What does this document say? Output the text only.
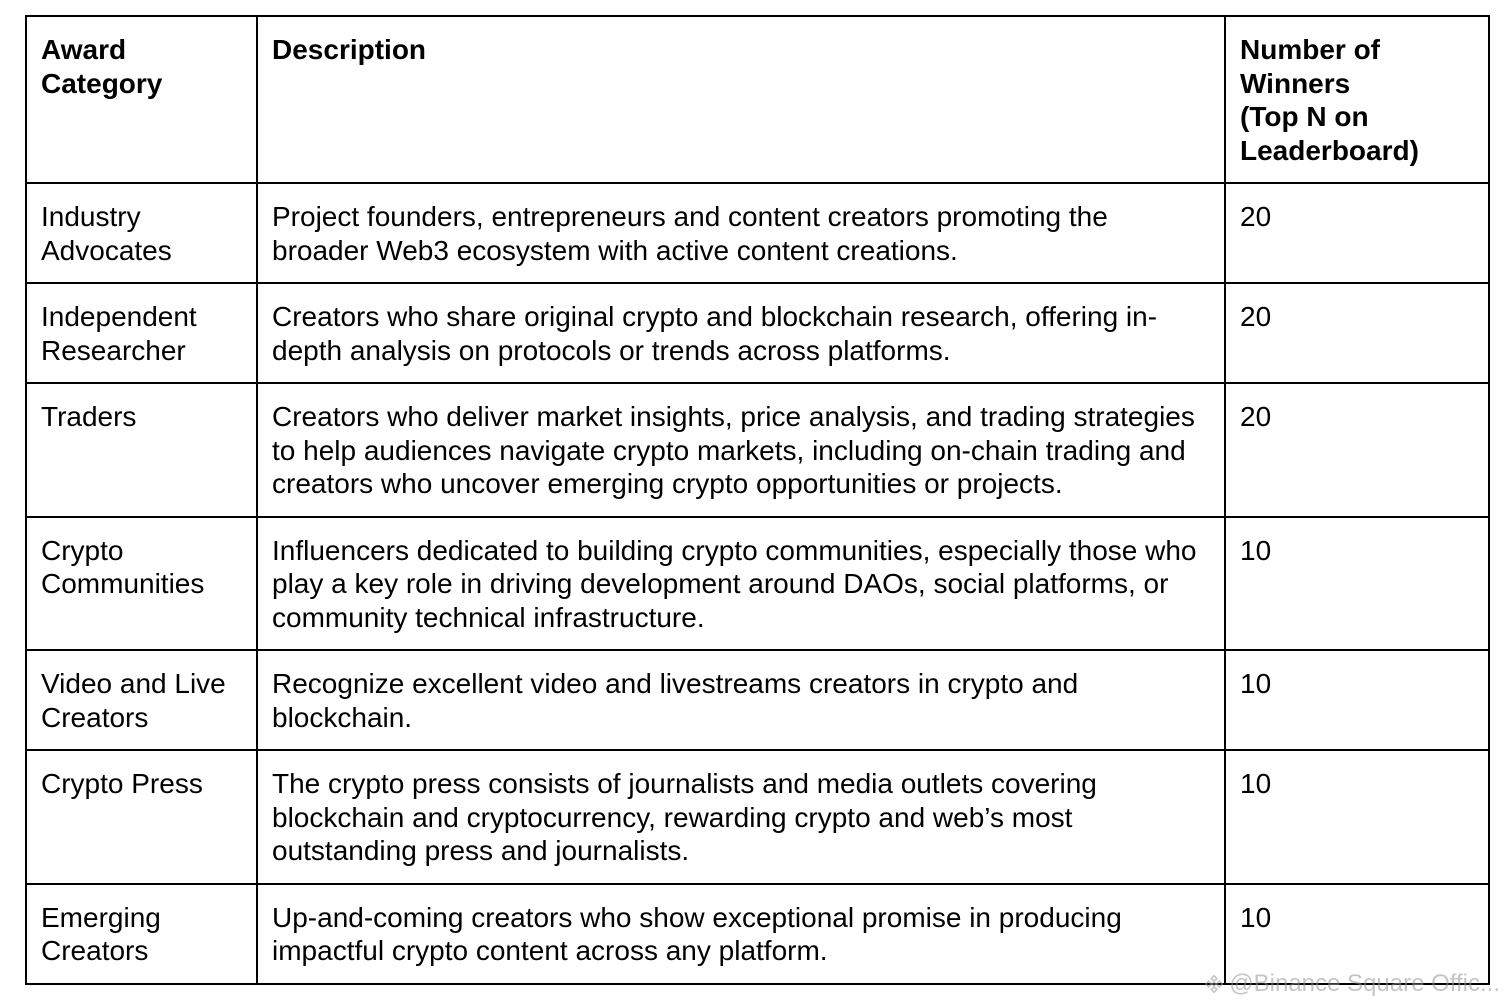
Award
Category	Description	Number of
Winners
(Top N on
Leaderboard)
Industry
Advocates	Project founders, entrepreneurs and content creators promoting the broader Web3 ecosystem with active content creations.	20
Independent
Researcher	Creators who share original crypto and blockchain research, offering in-depth analysis on protocols or trends across platforms.	20
Traders	Creators who deliver market insights, price analysis, and trading strategies to help audiences navigate crypto markets, including on-chain trading and creators who uncover emerging crypto opportunities or projects.	20
Crypto
Communities	Influencers dedicated to building crypto communities, especially those who play a key role in driving development around DAOs, social platforms, or community technical infrastructure.	10
Video and Live
Creators	Recognize excellent video and livestreams creators in crypto and blockchain.	10
Crypto Press	The crypto press consists of journalists and media outlets covering blockchain and cryptocurrency, rewarding crypto and web’s most outstanding press and journalists.	10
Emerging
Creators	Up-and-coming creators who show exceptional promise in producing impactful crypto content across any platform.	10
@Binance Square Offic...
